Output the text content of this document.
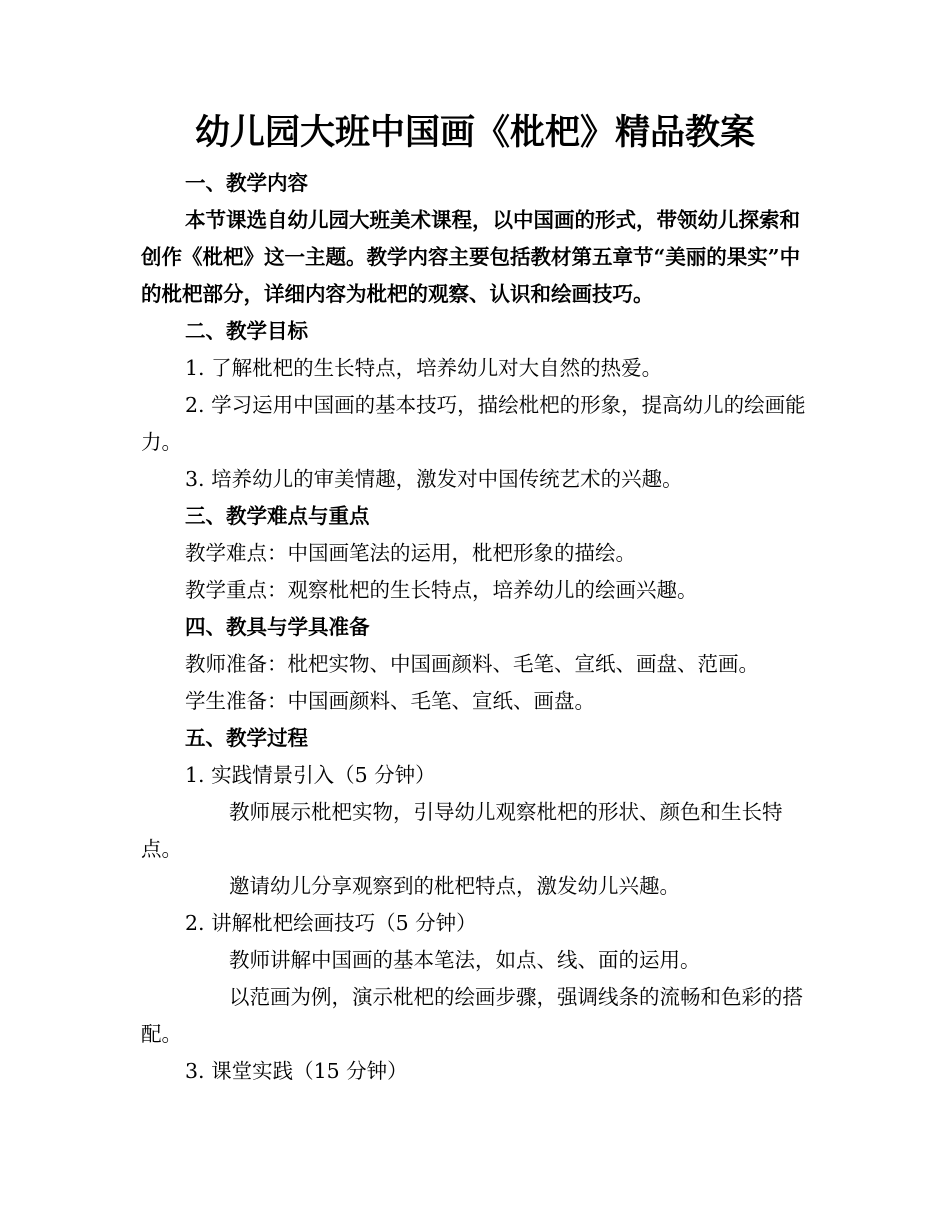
幼儿园大班中国画《枇杷》精品教案

一、教学内容

本节课选自幼儿园大班美术课程，以中国画的形式，带领幼儿探索和创作《枇杷》这一主题。教学内容主要包括教材第五章节“美丽的果实”中的枇杷部分，详细内容为枇杷的观察、认识和绘画技巧。

二、教学目标

1. 了解枇杷的生长特点，培养幼儿对大自然的热爱。

2. 学习运用中国画的基本技巧，描绘枇杷的形象，提高幼儿的绘画能力。

3. 培养幼儿的审美情趣，激发对中国传统艺术的兴趣。

三、教学难点与重点

教学难点：中国画笔法的运用，枇杷形象的描绘。

教学重点：观察枇杷的生长特点，培养幼儿的绘画兴趣。

四、教具与学具准备

教师准备：枇杷实物、中国画颜料、毛笔、宣纸、画盘、范画。

学生准备：中国画颜料、毛笔、宣纸、画盘。

五、教学过程

1. 实践情景引入（5 分钟）

教师展示枇杷实物，引导幼儿观察枇杷的形状、颜色和生长特点。

邀请幼儿分享观察到的枇杷特点，激发幼儿兴趣。

2. 讲解枇杷绘画技巧（5 分钟）

教师讲解中国画的基本笔法，如点、线、面的运用。

以范画为例，演示枇杷的绘画步骤，强调线条的流畅和色彩的搭配。

3. 课堂实践（15 分钟）
